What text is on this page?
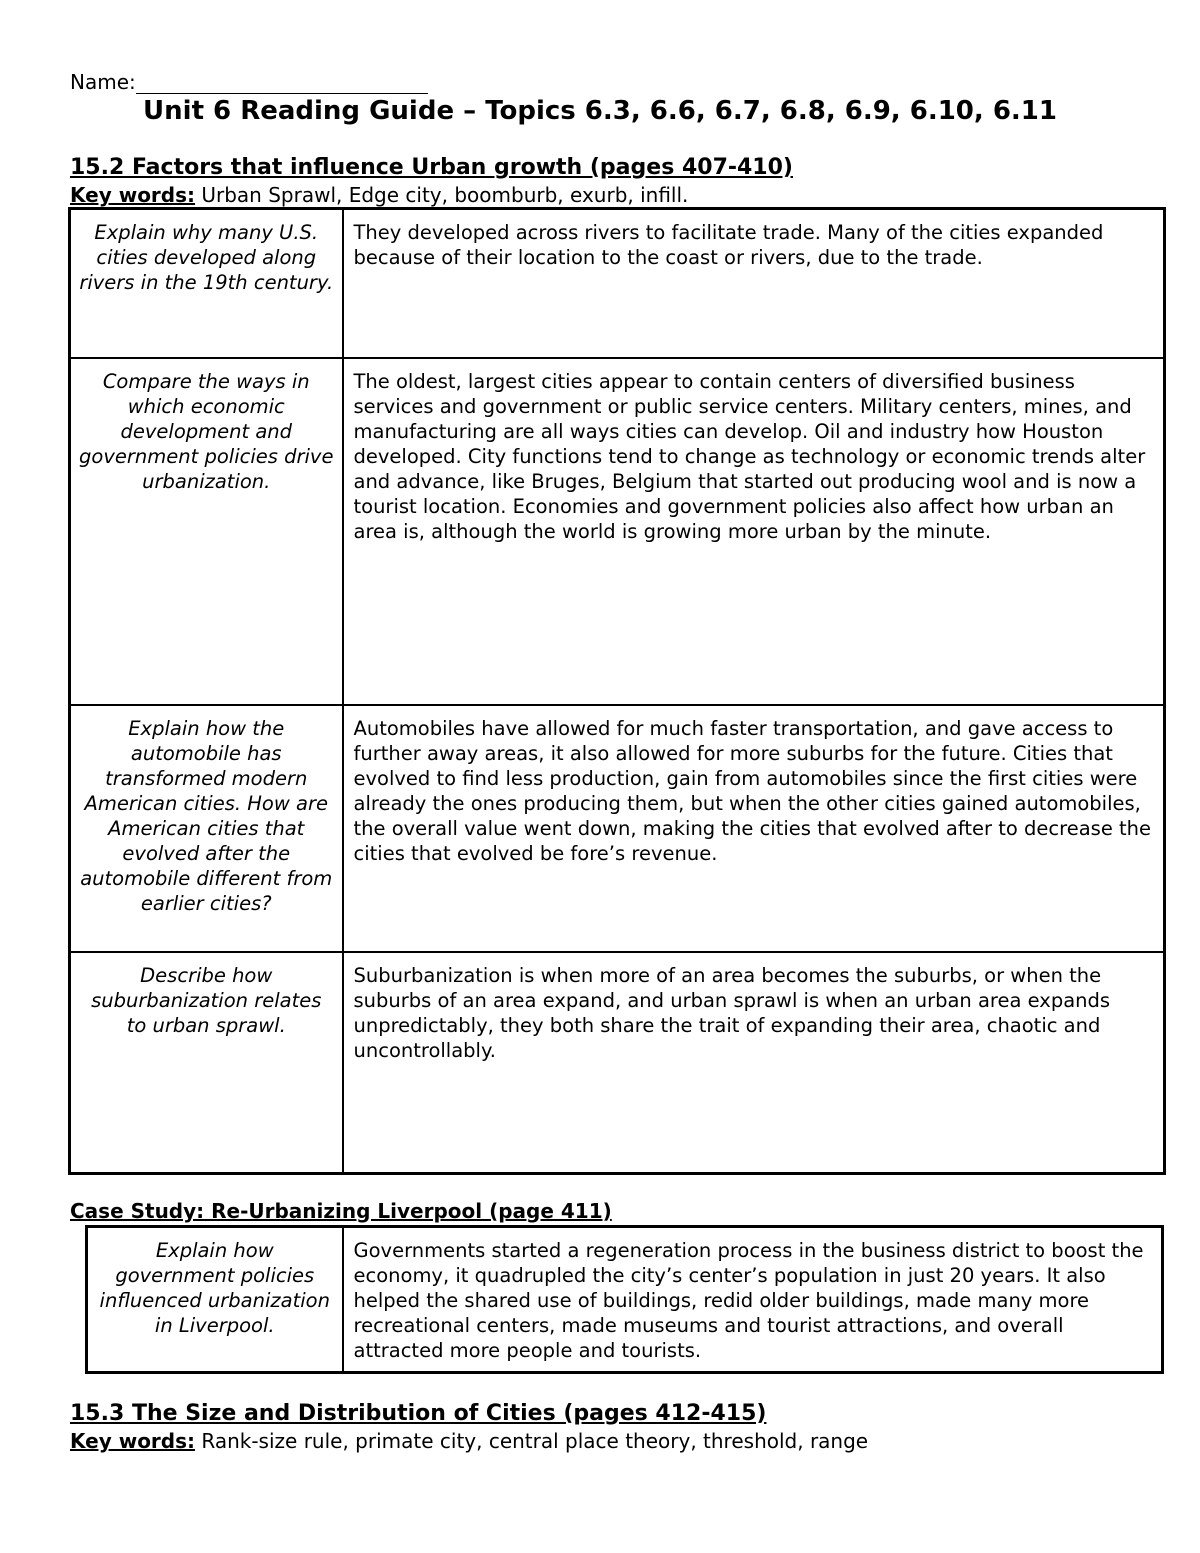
Name:
Unit 6 Reading Guide – Topics 6.3, 6.6, 6.7, 6.8, 6.9, 6.10, 6.11
15.2 Factors that influence Urban growth (pages 407-410)
Key words: Urban Sprawl, Edge city, boomburb, exurb, infill.
Explain why many U.S. cities developed along rivers in the 19th century.	They developed across rivers to facilitate trade. Many of the cities expanded because of their location to the coast or rivers, due to the trade.
Compare the ways in which economic development and government policies drive urbanization.	The oldest, largest cities appear to contain centers of diversified business services and government or public service centers. Military centers, mines, and manufacturing are all ways cities can develop. Oil and industry how Houston developed. City functions tend to change as technology or economic trends alter and advance, like Bruges, Belgium that started out producing wool and is now a tourist location. Economies and government policies also affect how urban an area is, although the world is growing more urban by the minute.
Explain how the automobile has transformed modern American cities. How are American cities that evolved after the automobile different from earlier cities?	Automobiles have allowed for much faster transportation, and gave access to further away areas, it also allowed for more suburbs for the future. Cities that evolved to find less production, gain from automobiles since the first cities were already the ones producing them, but when the other cities gained automobiles, the overall value went down, making the cities that evolved after to decrease the cities that evolved be fore’s revenue.
Describe how suburbanization relates to urban sprawl.	Suburbanization is when more of an area becomes the suburbs, or when the suburbs of an area expand, and urban sprawl is when an urban area expands unpredictably, they both share the trait of expanding their area, chaotic and uncontrollably.
Case Study: Re-Urbanizing Liverpool (page 411)
Explain how government policies influenced urbanization in Liverpool.	Governments started a regeneration process in the business district to boost the economy, it quadrupled the city’s center’s population in just 20 years. It also helped the shared use of buildings, redid older buildings, made many more recreational centers, made museums and tourist attractions, and overall attracted more people and tourists.
15.3 The Size and Distribution of Cities (pages 412-415)
Key words: Rank-size rule, primate city, central place theory, threshold, range
